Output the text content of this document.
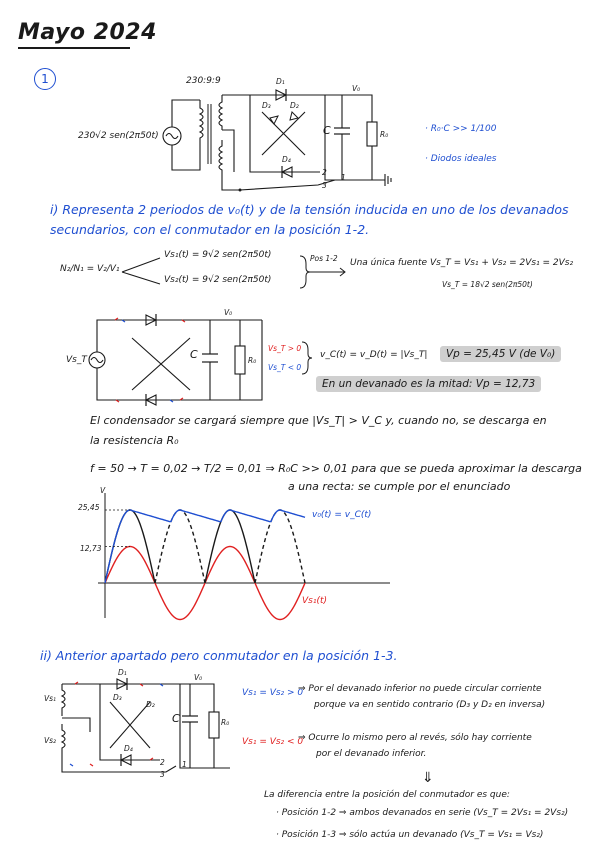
Mayo 2024
1	230:9:9
230√2 sen(2π50t)
D₁
D₂
D₃
D₄
V₀
C	R₀
1
2
3
· R₀·C >> 1/100
· Diodos ideales
i) Representa 2 periodos de v₀(t) y de la tensión inducida en uno de los devanados secundarios, con el conmutador en la posición 1-2.
N₂/N₁ = V₂/V₁
Vs₁(t) = 9√2 sen(2π50t)
Vs₂(t) = 9√2 sen(2π50t)
Pos 1-2 Una única fuente Vs_T = Vs₁ + Vs₂ = 2Vs₁ = 2Vs₂
Vs_T = 18√2 sen(2π50t)
Vs_T
V₀
C	R₀
Vs_T > 0
Vs_T < 0
v_C(t) = v_D(t) = |Vs_T|	Vp = 25,45 V (de V₀)
En un devanado es la mitad: Vp = 12,73
El condensador se cargará siempre que |Vs_T| > V_C y, cuando no, se descarga en
la resistencia R₀
f = 50 → T = 0,02 → T/2 = 0,01 ⇒ R₀C >> 0,01 para que se pueda aproximar la descarga
a una recta: se cumple por el enunciado
V
25,45
12,73
v₀(t) = v_C(t)
Vs₁(t)
ii) Anterior apartado pero conmutador en la posición 1-3.
Vs₁
Vs₂
D₁
D₂
D₃
D₄
V₀
C	R₀
1
2
3
Vs₁ = Vs₂ > 0
⇒ Por el devanado inferior no puede circular corriente
porque va en sentido contrario (D₃ y D₂ en inversa)
Vs₁ = Vs₂ < 0
⇒ Ocurre lo mismo pero al revés, sólo hay corriente
por el devanado inferior.
⇓
La diferencia entre la posición del conmutador es que:
· Posición 1-2 ⇒ ambos devanados en serie (Vs_T = 2Vs₁ = 2Vs₂)
· Posición 1-3 ⇒ sólo actúa un devanado (Vs_T = Vs₁ = Vs₂)
